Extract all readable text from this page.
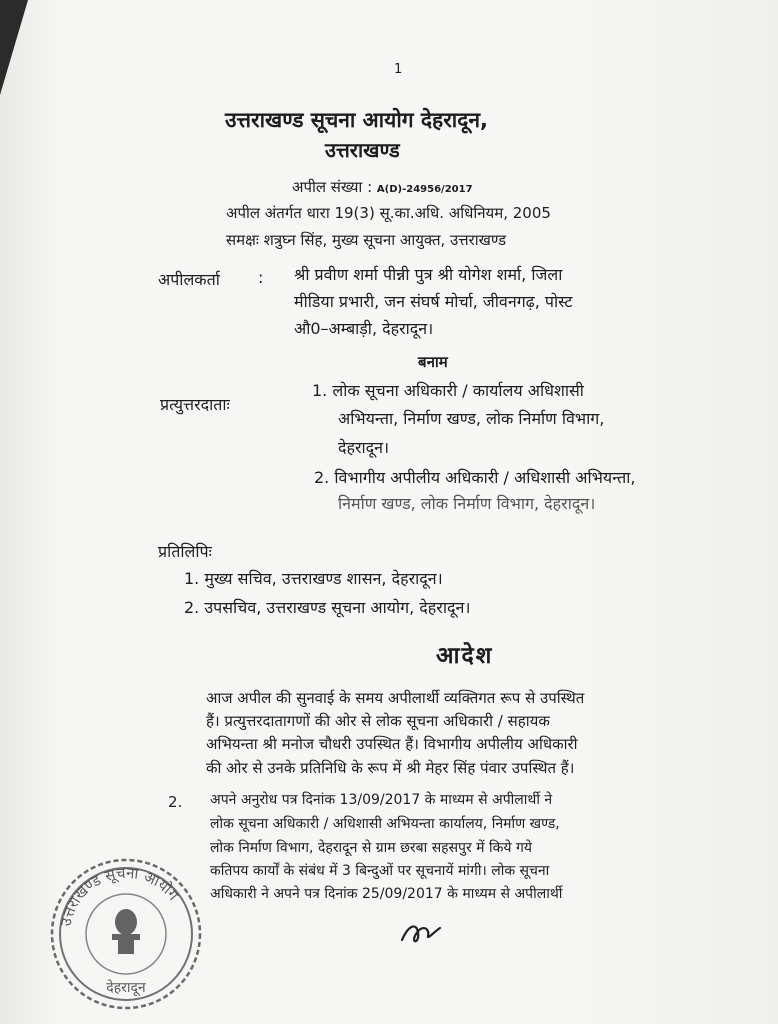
1
उत्तराखण्ड सूचना आयोग देहरादून,
उत्तराखण्ड
अपील संख्या : A(D)-24956/2017
अपील अंतर्गत धारा 19(3) सू.का.अधि. अधिनियम, 2005
समक्षः शत्रुघ्न सिंह, मुख्य सूचना आयुक्त, उत्तराखण्ड
अपीलकर्ता : श्री प्रवीण शर्मा पीन्नी पुत्र श्री योगेश शर्मा, जिला
मीडिया प्रभारी, जन संघर्ष मोर्चा, जीवनगढ़, पोस्ट
औ0–अम्बाड़ी, देहरादून।
बनाम
प्रत्युत्तरदाताः
1. लोक सूचना अधिकारी / कार्यालय अधिशासी
अभियन्ता, निर्माण खण्ड, लोक निर्माण विभाग,
देहरादून।
2. विभागीय अपीलीय अधिकारी / अधिशासी अभियन्ता,
निर्माण खण्ड, लोक निर्माण विभाग, देहरादून।
प्रतिलिपिः
1. मुख्य सचिव, उत्तराखण्ड शासन, देहरादून।
2. उपसचिव, उत्तराखण्ड सूचना आयोग, देहरादून।
आदेश
आज अपील की सुनवाई के समय अपीलार्थी व्यक्तिगत रूप से उपस्थित
हैं। प्रत्युत्तरदातागणों की ओर से लोक सूचना अधिकारी / सहायक
अभियन्ता श्री मनोज चौधरी उपस्थित हैं। विभागीय अपीलीय अधिकारी
की ओर से उनके प्रतिनिधि के रूप में श्री मेहर सिंह पंवार उपस्थित हैं।
2. अपने अनुरोध पत्र दिनांक 13/09/2017 के माध्यम से अपीलार्थी ने
लोक सूचना अधिकारी / अधिशासी अभियन्ता कार्यालय, निर्माण खण्ड,
लोक निर्माण विभाग, देहरादून से ग्राम छरबा सहसपुर में किये गये
कतिपय कार्यों के संबंध में 3 बिन्दुओं पर सूचनायें मांगी। लोक सूचना
अधिकारी ने अपने पत्र दिनांक 25/09/2017 के माध्यम से अपीलार्थी
उत्तराखण्ड सूचना आयोग
देहरादून
